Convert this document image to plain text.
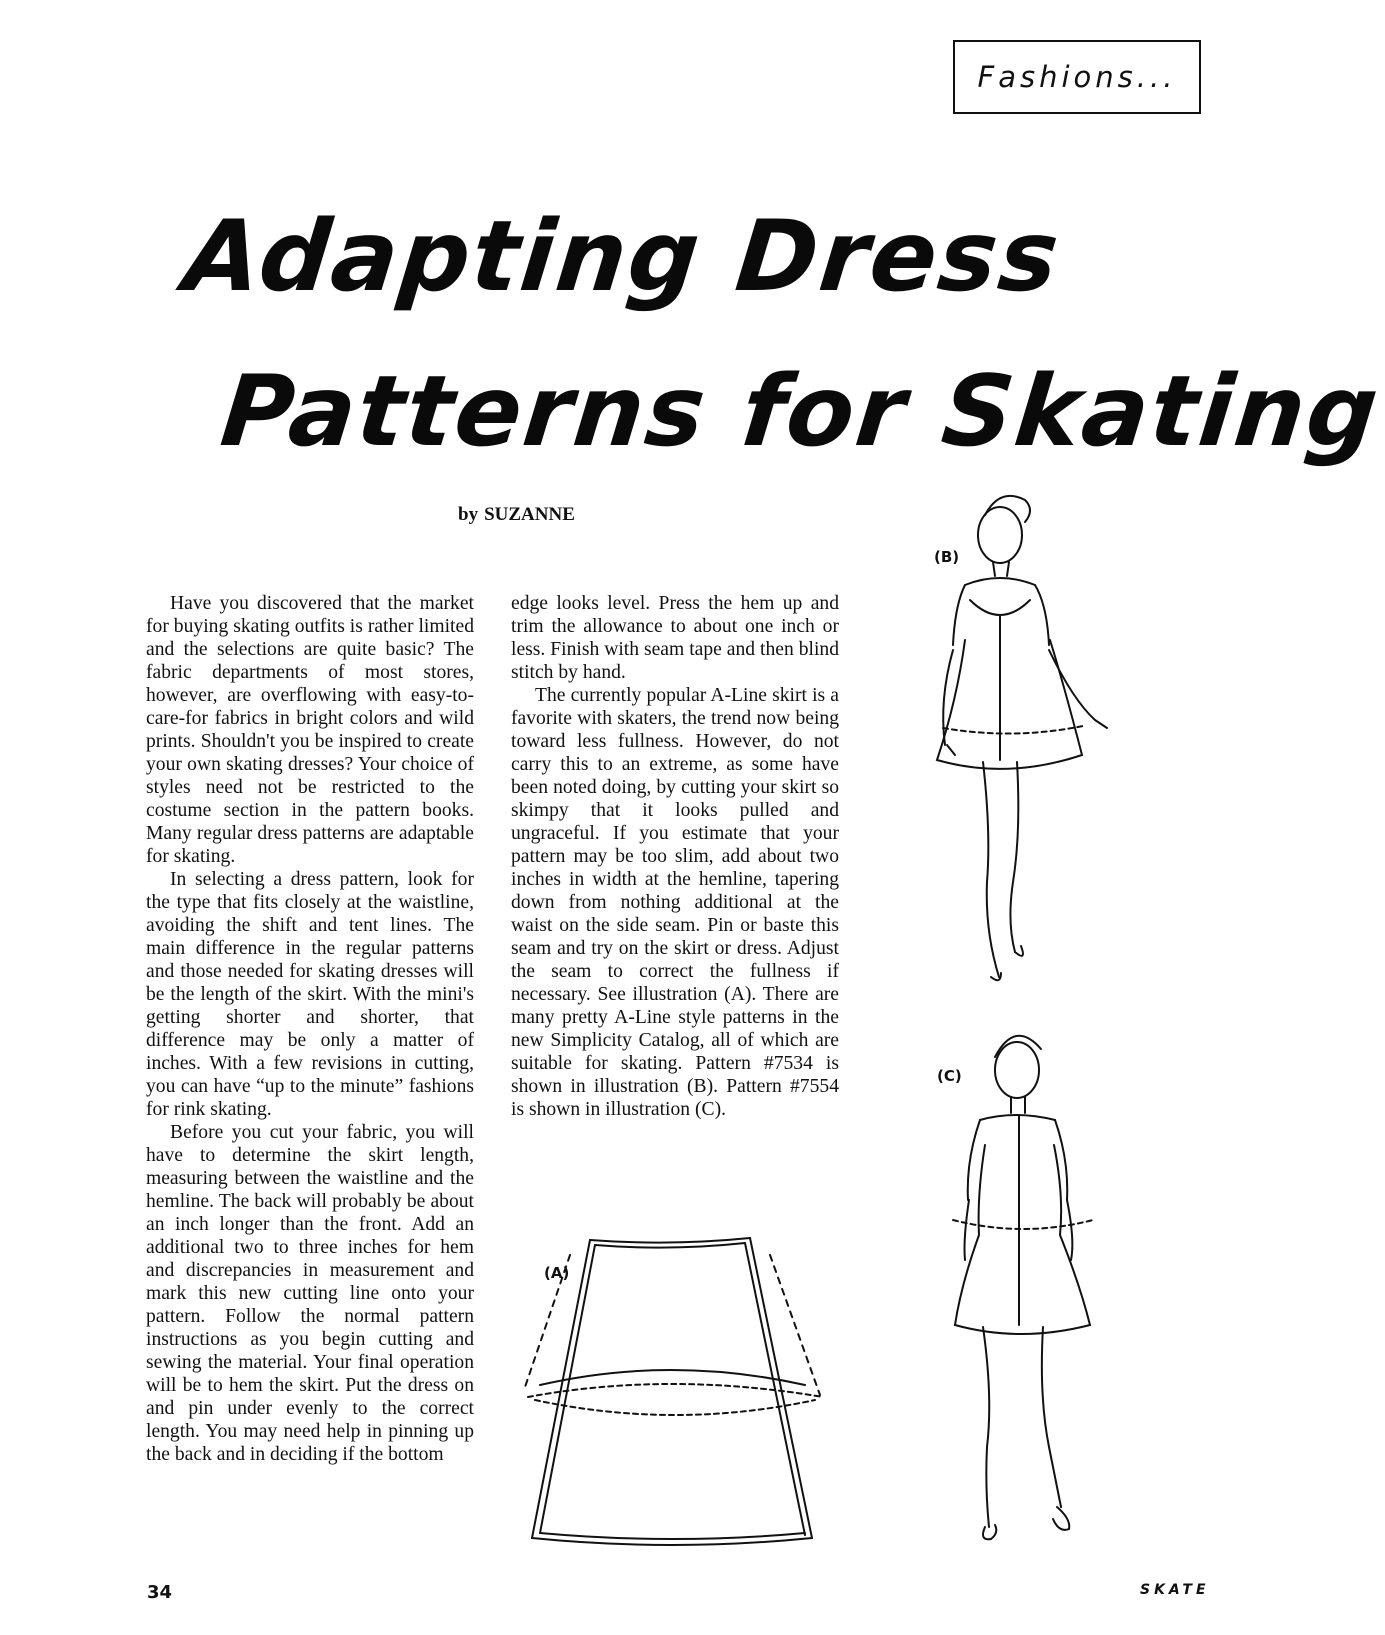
Fashions...
Adapting Dress
Patterns for Skating
by SUZANNE

Have you discovered that the market for buying skating outfits is rather limited and the selections are quite basic? The fabric departments of most stores, however, are overflowing with easy-to-care-for fabrics in bright colors and wild prints. Shouldn't you be inspired to create your own skating dresses? Your choice of styles need not be restricted to the costume section in the pattern books. Many regular dress patterns are adaptable for skating.

In selecting a dress pattern, look for the type that fits closely at the waistline, avoiding the shift and tent lines. The main difference in the regular patterns and those needed for skating dresses will be the length of the skirt. With the mini's getting shorter and shorter, that difference may be only a matter of inches. With a few revisions in cutting, you can have “up to the minute” fashions for rink skating.

Before you cut your fabric, you will have to determine the skirt length, measuring between the waistline and the hemline. The back will probably be about an inch longer than the front. Add an additional two to three inches for hem and discrepancies in measurement and mark this new cutting line onto your pattern. Follow the normal pattern instructions as you begin cutting and sewing the material. Your final operation will be to hem the skirt. Put the dress on and pin under evenly to the correct length. You may need help in pinning up the back and in deciding if the bottom

edge looks level. Press the hem up and trim the allowance to about one inch or less. Finish with seam tape and then blind stitch by hand.

The currently popular A-Line skirt is a favorite with skaters, the trend now being toward less fullness. However, do not carry this to an extreme, as some have been noted doing, by cutting your skirt so skimpy that it looks pulled and ungraceful. If you estimate that your pattern may be too slim, add about two inches in width at the hemline, tapering down from nothing additional at the waist on the side seam. Pin or baste this seam and try on the skirt or dress. Adjust the seam to correct the fullness if necessary. See illustration (A). There are many pretty A-Line style patterns in the new Simplicity Catalog, all of which are suitable for skating. Pattern #7534 is shown in illustration (B). Pattern #7554 is shown in illustration (C).

(B)
(C)
(A)
34	SKATE
